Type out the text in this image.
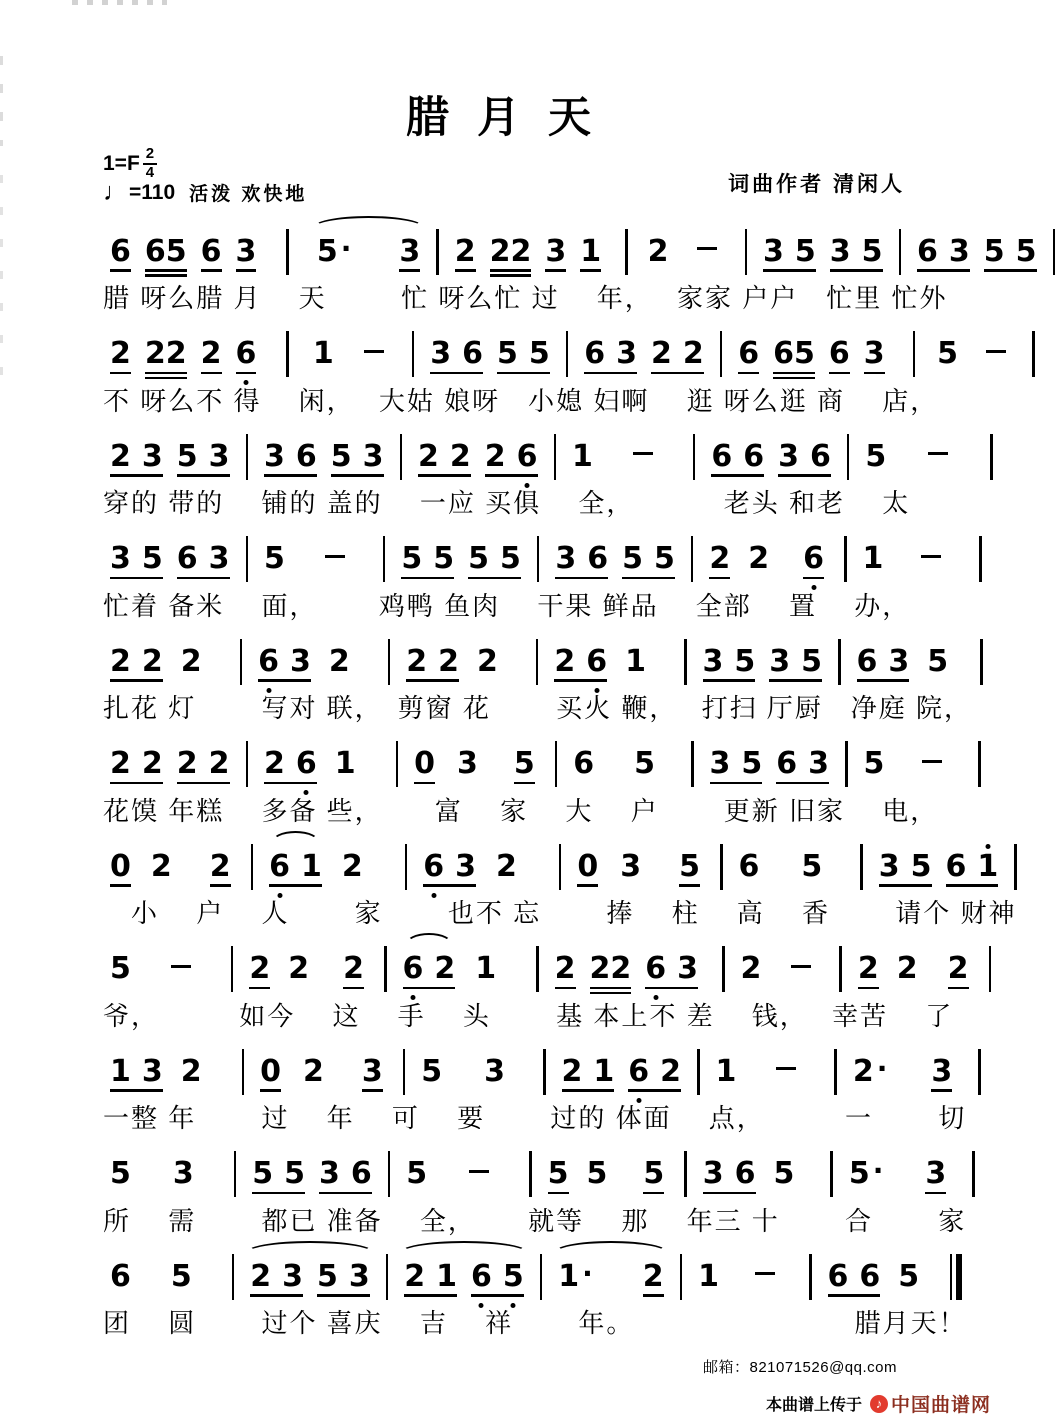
腊 月 天
$1=F \frac{2}{4}$
♩ =110 活泼 欢快地	词曲作者 清闲人
6 6 5 6 3 5 · 3 2 2 2 3 1 2	3 5 3 5 6 3 5 5
腊 呀么腊 月　 天　　  忙 呀么忙 过　 年，　 家家 户户　忙里 忙外
2 2 2 2 6 1	3 6 5 5 6 3 2 2 6 6 5 6 3 5
不 呀么不 得　 闲，　 大姑 娘呀　小媳 妇啊　 逛 呀么逛 商　 店，
2 3 5 3 3 6 5 3 2 2 2 6 1	6 6 3 6 5
穿的 带的　 铺的 盖的　 一应 买俱　 全，　　　  老头 和老　 太
3 5 6 3 5	5 5 5 5 3 6 5 5 2 2 6 1
忙着 备米　 面，　　  鸡鸭 鱼肉　 干果 鲜品　 全部　 置　 办，
2 2 2 6 3 2 2 2 2 2 6 1 3 5 3 5 6 3 5
扎花 灯　　 写对 联，　剪窗 花　　 买火 鞭，　 打扫 厅厨　净庭 院，
2 2 2 2 2 6 1 0 3 5 6 5 3 5 6 3 5
花馍 年糕　 多备 些，　　 富　 家　 大　 户　　 更新 旧家　 电，
0 2 2 6 1 2 6 3 2 0 3 5 6 5 3 5 6 1
　小　 户　 人　　 家　　 也不 忘　　 捧　 柱　 高　 香　　 请个 财神
5	2 2 2 6 2 1 2 2 2 6 3 2	2 2 2
爷，　　　 如今　 这　 手　 头　　 基 本上不 差　 钱，　 幸苦　 了
1 3 2 0 2 3 5 3 2 1 6 2 1	2 · 3
一整 年　　 过　 年　 可　 要　　 过的 体面　 点，　　　 一　　 切
5 3 5 5 3 6 5	5 5 5 3 6 5 5 · 3
所　 需　　 都已 准备　 全，　　 就等　 那　 年三 十　　 合　　 家
6 5 2 3 5 3 2 1 6 5 1 · 2 1	6 6 5
团　 圆　　 过个 喜庆　 吉　 祥　　 年。　　　　　　　　 腊月天！
邮箱：821071526@qq.com
本曲谱上传于	♪ 中国曲谱网
